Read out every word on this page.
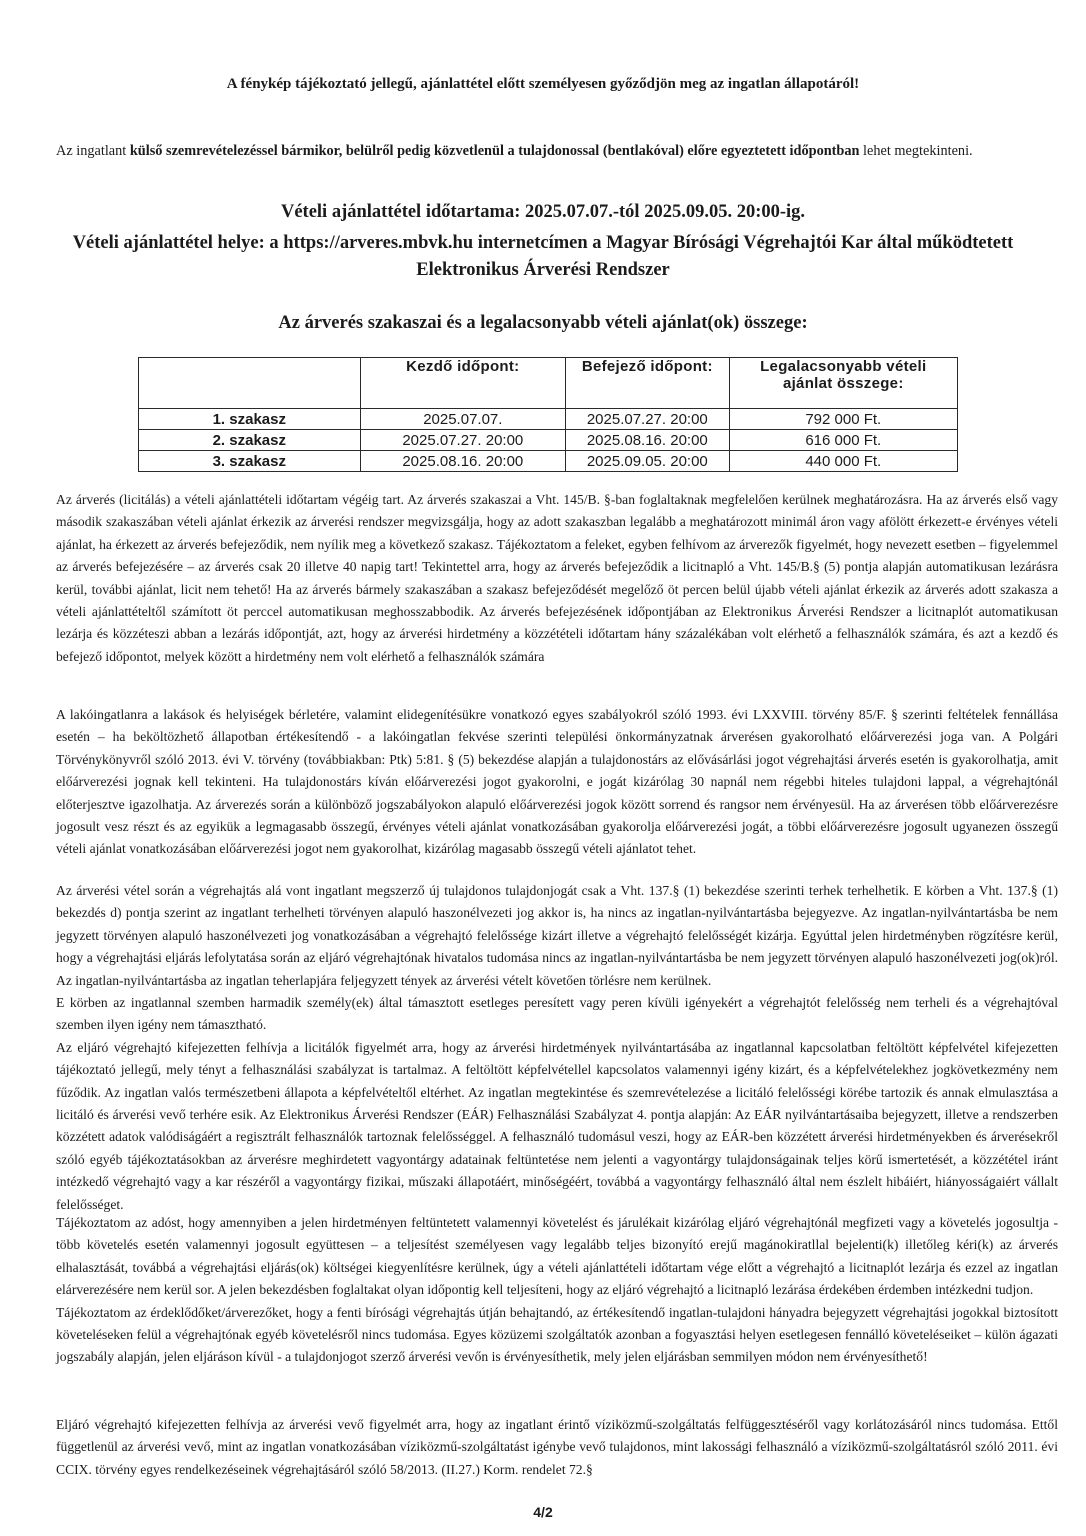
A fénykép tájékoztató jellegű, ajánlattétel előtt személyesen győződjön meg az ingatlan állapotáról!
Az ingatlant külső szemrevételezéssel bármikor, belülről pedig közvetlenül a tulajdonossal (bentlakóval) előre egyeztetett időpontban lehet megtekinteni.
Vételi ajánlattétel időtartama: 2025.07.07.-tól 2025.09.05. 20:00-ig.
Vételi ajánlattétel helye: a https://arveres.mbvk.hu internetcímen a Magyar Bírósági Végrehajtói Kar által működtetett Elektronikus Árverési Rendszer
Az árverés szakaszai és a legalacsonyabb vételi ajánlat(ok) összege:
	Kezdő időpont:	Befejező időpont:	Legalacsonyabb vételi ajánlat összege:
1. szakasz	2025.07.07.	2025.07.27. 20:00	792 000 Ft.
2. szakasz	2025.07.27. 20:00	2025.08.16. 20:00	616 000 Ft.
3. szakasz	2025.08.16. 20:00	2025.09.05. 20:00	440 000 Ft.

Az árverés (licitálás) a vételi ajánlattételi időtartam végéig tart. Az árverés szakaszai a Vht. 145/B. §-ban foglaltaknak megfelelően kerülnek meghatározásra. Ha az árverés első vagy második szakaszában vételi ajánlat érkezik az árverési rendszer megvizsgálja, hogy az adott szakaszban legalább a meghatározott minimál áron vagy afölött érkezett-e érvényes vételi ajánlat, ha érkezett az árverés befejeződik, nem nyílik meg a következő szakasz. Tájékoztatom a feleket, egyben felhívom az árverezők figyelmét, hogy nevezett esetben – figyelemmel az árverés befejezésére – az árverés csak 20 illetve 40 napig tart! Tekintettel arra, hogy az árverés befejeződik a licitnapló a Vht. 145/B.§ (5) pontja alapján automatikusan lezárásra kerül, további ajánlat, licit nem tehető! Ha az árverés bármely szakaszában a szakasz befejeződését megelőző öt percen belül újabb vételi ajánlat érkezik az árverés adott szakasza a vételi ajánlattételtől számított öt perccel automatikusan meghosszabbodik. Az árverés befejezésének időpontjában az Elektronikus Árverési Rendszer a licitnaplót automatikusan lezárja és közzéteszi abban a lezárás időpontját, azt, hogy az árverési hirdetmény a közzétételi időtartam hány százalékában volt elérhető a felhasználók számára, és azt a kezdő és befejező időpontot, melyek között a hirdetmény nem volt elérhető a felhasználók számára

A lakóingatlanra a lakások és helyiségek bérletére, valamint elidegenítésükre vonatkozó egyes szabályokról szóló 1993. évi LXXVIII. törvény 85/F. § szerinti feltételek fennállása esetén – ha beköltözhető állapotban értékesítendő - a lakóingatlan fekvése szerinti települési önkormányzatnak árverésen gyakorolható előárverezési joga van. A Polgári Törvénykönyvről szóló 2013. évi V. törvény (továbbiakban: Ptk) 5:81. § (5) bekezdése alapján a tulajdonostárs az elővásárlási jogot végrehajtási árverés esetén is gyakorolhatja, amit előárverezési jognak kell tekinteni. Ha tulajdonostárs kíván előárverezési jogot gyakorolni, e jogát kizárólag 30 napnál nem régebbi hiteles tulajdoni lappal, a végrehajtónál előterjesztve igazolhatja. Az árverezés során a különböző jogszabályokon alapuló előárverezési jogok között sorrend és rangsor nem érvényesül. Ha az árverésen több előárverezésre jogosult vesz részt és az egyikük a legmagasabb összegű, érvényes vételi ajánlat vonatkozásában gyakorolja előárverezési jogát, a többi előárverezésre jogosult ugyanezen összegű vételi ajánlat vonatkozásában előárverezési jogot nem gyakorolhat, kizárólag magasabb összegű vételi ajánlatot tehet.

Az árverési vétel során a végrehajtás alá vont ingatlant megszerző új tulajdonos tulajdonjogát csak a Vht. 137.§ (1) bekezdése szerinti terhek terhelhetik. E körben a Vht. 137.§ (1) bekezdés d) pontja szerint az ingatlant terhelheti törvényen alapuló haszonélvezeti jog akkor is, ha nincs az ingatlan-nyilvántartásba bejegyezve. Az ingatlan-nyilvántartásba be nem jegyzett törvényen alapuló haszonélvezeti jog vonatkozásában a végrehajtó felelőssége kizárt illetve a végrehajtó felelősségét kizárja. Egyúttal jelen hirdetményben rögzítésre kerül, hogy a végrehajtási eljárás lefolytatása során az eljáró végrehajtónak hivatalos tudomása nincs az ingatlan-nyilvántartásba be nem jegyzett törvényen alapuló haszonélvezeti jog(ok)ról. Az ingatlan-nyilvántartásba az ingatlan teherlapjára feljegyzett tények az árverési vételt követően törlésre nem kerülnek.

E körben az ingatlannal szemben harmadik személy(ek) által támasztott esetleges peresített vagy peren kívüli igényekért a végrehajtót felelősség nem terheli és a végrehajtóval szemben ilyen igény nem támasztható.

Az eljáró végrehajtó kifejezetten felhívja a licitálók figyelmét arra, hogy az árverési hirdetmények nyilvántartásába az ingatlannal kapcsolatban feltöltött képfelvétel kifejezetten tájékoztató jellegű, mely tényt a felhasználási szabályzat is tartalmaz. A feltöltött képfelvétellel kapcsolatos valamennyi igény kizárt, és a képfelvételekhez jogkövetkezmény nem fűződik. Az ingatlan valós természetbeni állapota a képfelvételtől eltérhet. Az ingatlan megtekintése és szemrevételezése a licitáló felelősségi körébe tartozik és annak elmulasztása a licitáló és árverési vevő terhére esik. Az Elektronikus Árverési Rendszer (EÁR) Felhasználási Szabályzat 4. pontja alapján: Az EÁR nyilvántartásaiba bejegyzett, illetve a rendszerben közzétett adatok valódiságáért a regisztrált felhasználók tartoznak felelősséggel. A felhasználó tudomásul veszi, hogy az EÁR-ben közzétett árverési hirdetményekben és árverésekről szóló egyéb tájékoztatásokban az árverésre meghirdetett vagyontárgy adatainak feltüntetése nem jelenti a vagyontárgy tulajdonságainak teljes körű ismertetését, a közzététel iránt intézkedő végrehajtó vagy a kar részéről a vagyontárgy fizikai, műszaki állapotáért, minőségéért, továbbá a vagyontárgy felhasználó által nem észlelt hibáiért, hiányosságaiért vállalt felelősséget.

Tájékoztatom az adóst, hogy amennyiben a jelen hirdetményen feltüntetett valamennyi követelést és járulékait kizárólag eljáró végrehajtónál megfizeti vagy a követelés jogosultja - több követelés esetén valamennyi jogosult együttesen – a teljesítést személyesen vagy legalább teljes bizonyító erejű magánokiratllal bejelenti(k) illetőleg kéri(k) az árverés elhalasztását, továbbá a végrehajtási eljárás(ok) költségei kiegyenlítésre kerülnek, úgy a vételi ajánlattételi időtartam vége előtt a végrehajtó a licitnaplót lezárja és ezzel az ingatlan elárverezésére nem kerül sor. A jelen bekezdésben foglaltakat olyan időpontig kell teljesíteni, hogy az eljáró végrehajtó a licitnapló lezárása érdekében érdemben intézkedni tudjon.

Tájékoztatom az érdeklődőket/árverezőket, hogy a fenti bírósági végrehajtás útján behajtandó, az értékesítendő ingatlan-tulajdoni hányadra bejegyzett végrehajtási jogokkal biztosított követeléseken felül a végrehajtónak egyéb követelésről nincs tudomása. Egyes közüzemi szolgáltatók azonban a fogyasztási helyen esetlegesen fennálló követeléseiket – külön ágazati jogszabály alapján, jelen eljáráson kívül - a tulajdonjogot szerző árverési vevőn is érvényesíthetik, mely jelen eljárásban semmilyen módon nem érvényesíthető!

Eljáró végrehajtó kifejezetten felhívja az árverési vevő figyelmét arra, hogy az ingatlant érintő víziközmű-szolgáltatás felfüggesztéséről vagy korlátozásáról nincs tudomása. Ettől függetlenül az árverési vevő, mint az ingatlan vonatkozásában víziközmű-szolgáltatást igénybe vevő tulajdonos, mint lakossági felhasználó a víziközmű-szolgáltatásról szóló 2011. évi CCIX. törvény egyes rendelkezéseinek végrehajtásáról szóló 58/2013. (II.27.) Korm. rendelet 72.§

4/2
